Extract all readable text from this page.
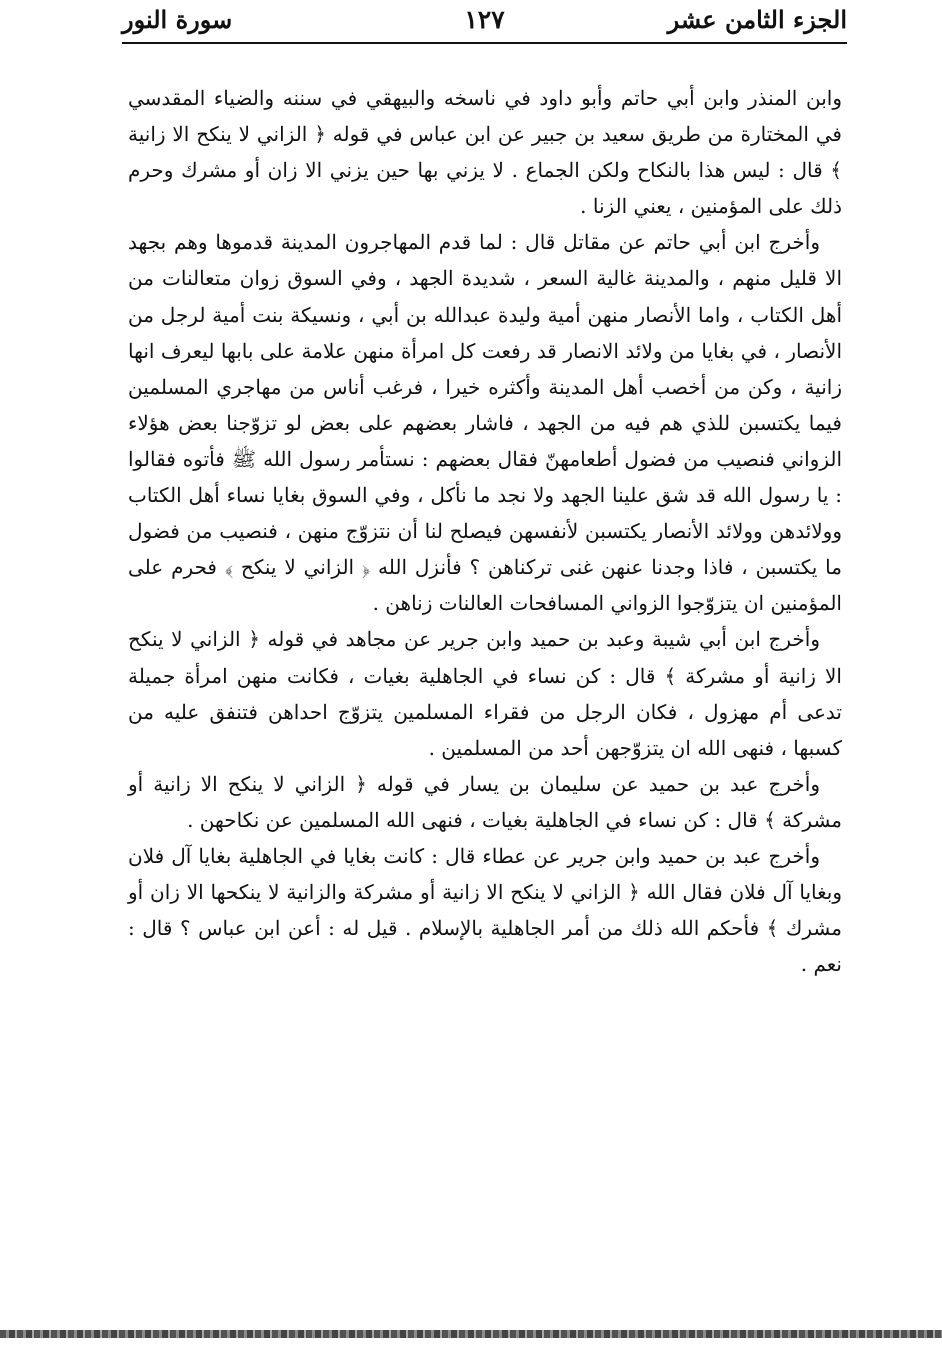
الجزء الثامن عشر
١٢٧
سورة النور

وابن المنذر وابن أبي حاتم وأبو داود في ناسخه والبيهقي في سننه والضياء المقدسي في المختارة من طريق سعيد بن جبير عن ابن عباس في قوله ﴿ الزاني لا ينكح الا زانية ﴾ قال : ليس هذا بالنكاح ولكن الجماع . لا يزني بها حين يزني الا زان أو مشرك وحرم ذلك على المؤمنين ، يعني الزنا .

وأخرج ابن أبي حاتم عن مقاتل قال : لما قدم المهاجرون المدينة قدموها وهم بجهد الا قليل منهم ، والمدينة غالية السعر ، شديدة الجهد ، وفي السوق زوان متعالنات من أهل الكتاب ، واما الأنصار منهن أمية وليدة عبدالله بن أبي ، ونسيكة بنت أمية لرجل من الأنصار ، في بغايا من ولائد الانصار قد رفعت كل امرأة منهن علامة على بابها ليعرف انها زانية ، وكن من أخصب أهل المدينة وأكثره خيرا ، فرغب أناس من مهاجري المسلمين فيما يكتسبن للذي هم فيه من الجهد ، فاشار بعضهم على بعض لو تزوّجنا بعض هؤلاء الزواني فنصيب من فضول أطعامهنّ فقال بعضهم : نستأمر رسول الله ﷺ فأتوه فقالوا : يا رسول الله قد شق علينا الجهد ولا نجد ما نأكل ، وفي السوق بغايا نساء أهل الكتاب وولائدهن وولائد الأنصار يكتسبن لأنفسهن فيصلح لنا أن نتزوّج منهن ، فنصيب من فضول ما يكتسبن ، فاذا وجدنا عنهن غنى تركناهن ؟ فأنزل الله ﴿ الزاني لا ينكح ﴾ فحرم على المؤمنين ان يتزوّجوا الزواني المسافحات العالنات زناهن .

وأخرج ابن أبي شيبة وعبد بن حميد وابن جرير عن مجاهد في قوله ﴿ الزاني لا ينكح الا زانية أو مشركة ﴾ قال : كن نساء في الجاهلية بغيات ، فكانت منهن امرأة جميلة تدعى أم مهزول ، فكان الرجل من فقراء المسلمين يتزوّج احداهن فتنفق عليه من كسبها ، فنهى الله ان يتزوّجهن أحد من المسلمين .

وأخرج عبد بن حميد عن سليمان بن يسار في قوله ﴿ الزاني لا ينكح الا زانية أو مشركة ﴾ قال : كن نساء في الجاهلية بغيات ، فنهى الله المسلمين عن نكاحهن .

وأخرج عبد بن حميد وابن جرير عن عطاء قال : كانت بغايا في الجاهلية بغايا آل فلان وبغايا آل فلان فقال الله ﴿ الزاني لا ينكح الا زانية أو مشركة والزانية لا ينكحها الا زان أو مشرك ﴾ فأحكم الله ذلك من أمر الجاهلية بالإسلام . قيل له : أعن ابن عباس ؟ قال : نعم .
